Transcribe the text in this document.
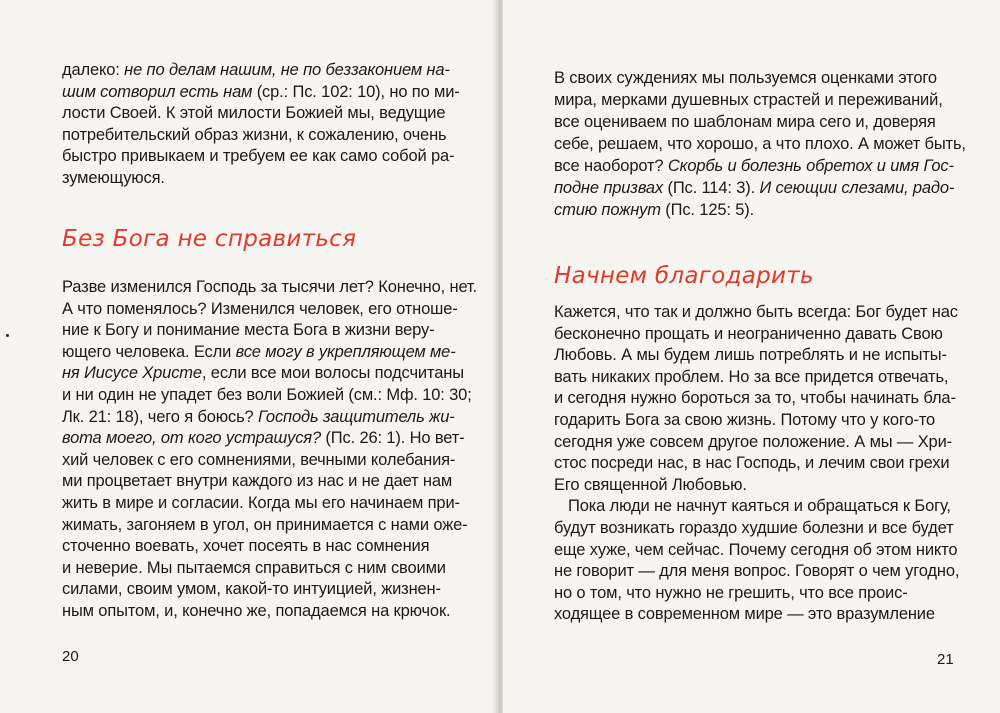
далеко: не по делам нашим, не по беззаконием на-
шим сотворил есть нам (ср.: Пс. 102: 10), но по ми-
лости Своей. К этой милости Божией мы, ведущие
потребительский образ жизни, к сожалению, очень
быстро привыкаем и требуем ее как само собой ра-
зумеющуюся.
Без Бога не справиться
Разве изменился Господь за тысячи лет? Конечно, нет.
А что поменялось? Изменился человек, его отноше-
ние к Богу и понимание места Бога в жизни веру-
ющего человека. Если все могу в укрепляющем ме-
ня Иисусе Христе, если все мои волосы подсчитаны
и ни один не упадет без воли Божией (см.: Мф. 10: 30;
Лк. 21: 18), чего я боюсь? Господь защититель жи-
вота моего, от кого устрашуся? (Пс. 26: 1). Но вет-
хий человек с его сомнениями, вечными колебания-
ми процветает внутри каждого из нас и не дает нам
жить в мире и согласии. Когда мы его начинаем при-
жимать, загоняем в угол, он принимается с нами оже-
сточенно воевать, хочет посеять в нас сомнения
и неверие. Мы пытаемся справиться с ним своими
силами, своим умом, какой-то интуицией, жизнен-
ным опытом, и, конечно же, попадаемся на крючок.
20
В своих суждениях мы пользуемся оценками этого
мира, мерками душевных страстей и переживаний,
все оцениваем по шаблонам мира сего и, доверяя
себе, решаем, что хорошо, а что плохо. А может быть,
все наоборот? Скорбь и болезнь обретох и имя Гос-
подне призвах (Пс. 114: 3). И сеющии слезами, радо-
стию пожнут (Пс. 125: 5).
Начнем благодарить
Кажется, что так и должно быть всегда: Бог будет нас
бесконечно прощать и неограниченно давать Свою
Любовь. А мы будем лишь потреблять и не испыты-
вать никаких проблем. Но за все придется отвечать,
и сегодня нужно бороться за то, чтобы начинать бла-
годарить Бога за свою жизнь. Потому что у кого-то
сегодня уже совсем другое положение. А мы — Хри-
стос посреди нас, в нас Господь, и лечим свои грехи
Его священной Любовью.
Пока люди не начнут каяться и обращаться к Богу,
будут возникать гораздо худшие болезни и все будет
еще хуже, чем сейчас. Почему сегодня об этом никто
не говорит — для меня вопрос. Говорят о чем угодно,
но о том, что нужно не грешить, что все проис-
ходящее в современном мире — это вразумление
21
